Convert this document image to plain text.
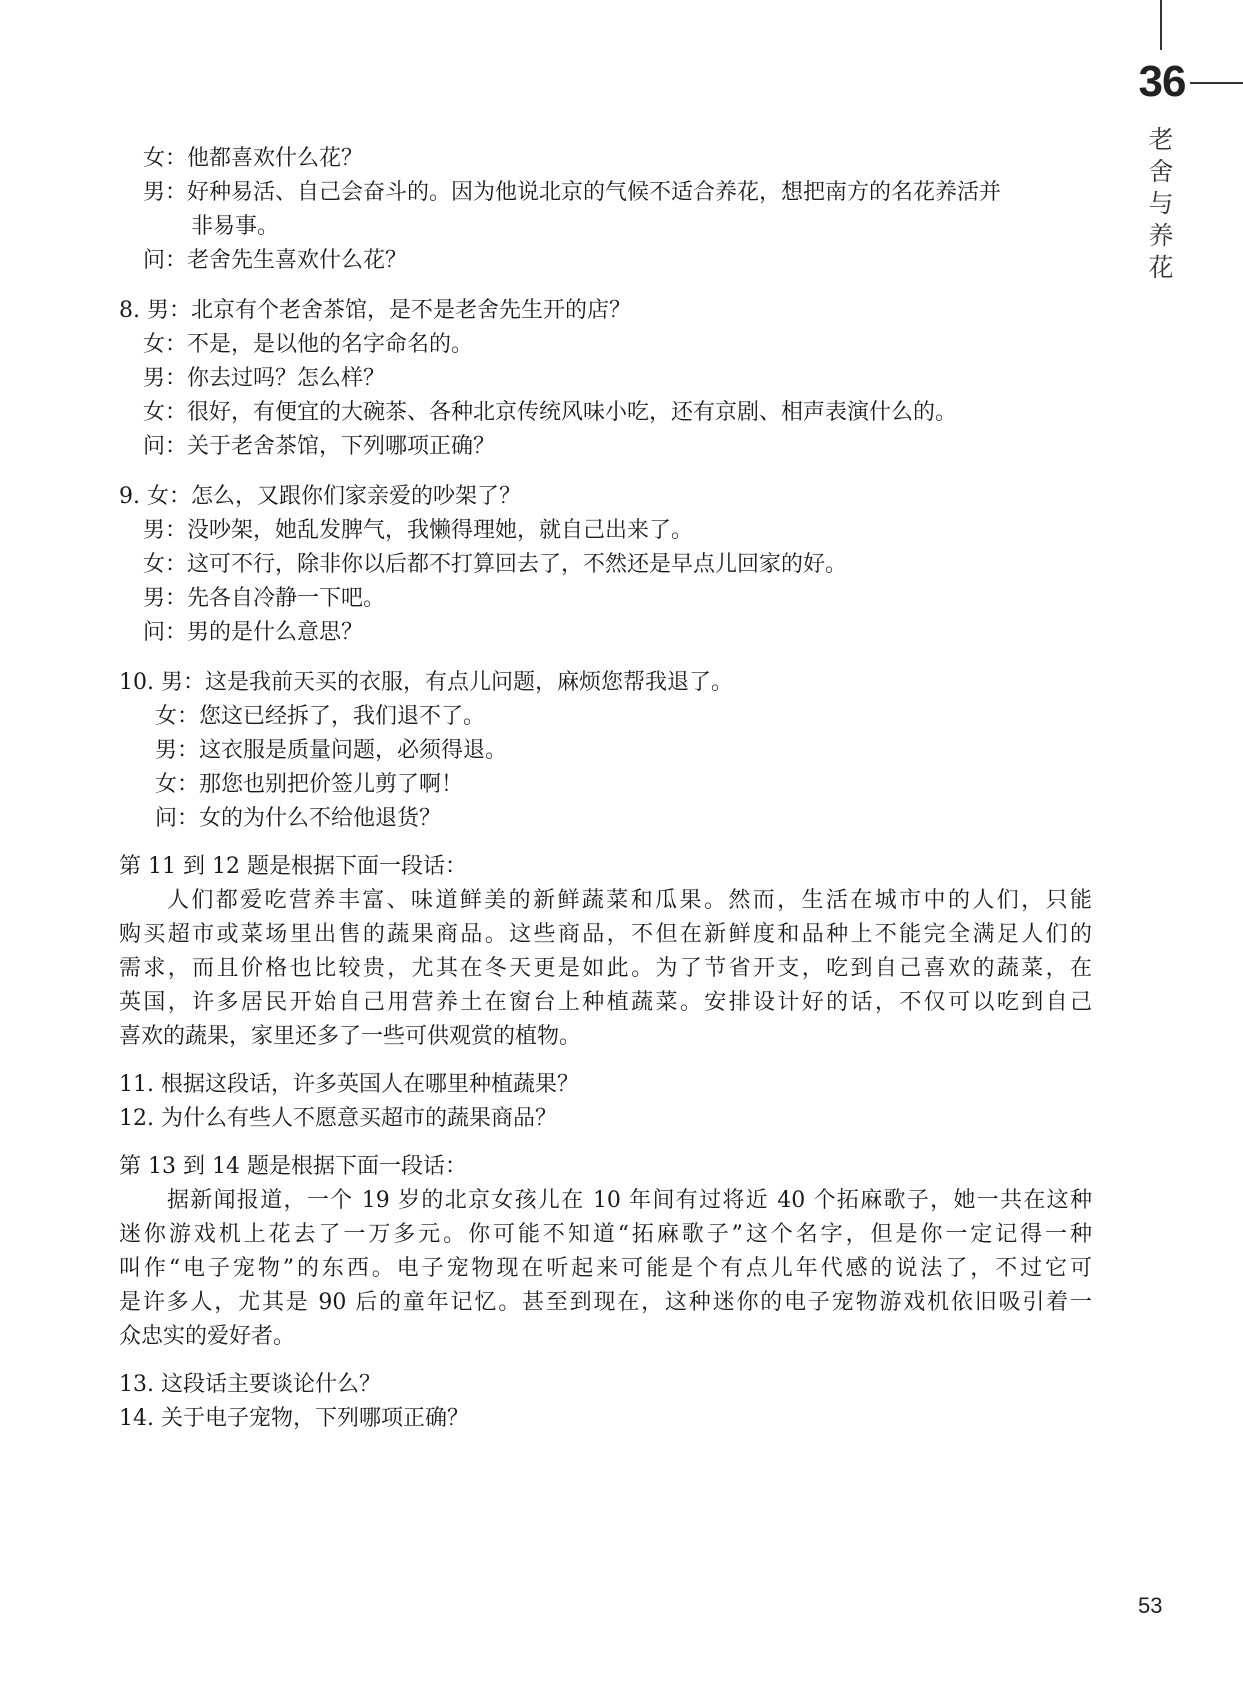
36
老舍与养花
女：他都喜欢什么花？
男：好种易活、自己会奋斗的。因为他说北京的气候不适合养花，想把南方的名花养活并
非易事。
问：老舍先生喜欢什么花？
8. 男：北京有个老舍茶馆，是不是老舍先生开的店？
女：不是，是以他的名字命名的。
男：你去过吗？怎么样？
女：很好，有便宜的大碗茶、各种北京传统风味小吃，还有京剧、相声表演什么的。
问：关于老舍茶馆，下列哪项正确？
9. 女：怎么，又跟你们家亲爱的吵架了？
男：没吵架，她乱发脾气，我懒得理她，就自己出来了。
女：这可不行，除非你以后都不打算回去了，不然还是早点儿回家的好。
男：先各自冷静一下吧。
问：男的是什么意思？
10. 男：这是我前天买的衣服，有点儿问题，麻烦您帮我退了。
女：您这已经拆了，我们退不了。
男：这衣服是质量问题，必须得退。
女：那您也别把价签儿剪了啊！
问：女的为什么不给他退货？
第 11 到 12 题是根据下面一段话：
人们都爱吃营养丰富、味道鲜美的新鲜蔬菜和瓜果。然而，生活在城市中的人们，只能
购买超市或菜场里出售的蔬果商品。这些商品，不但在新鲜度和品种上不能完全满足人们的
需求，而且价格也比较贵，尤其在冬天更是如此。为了节省开支，吃到自己喜欢的蔬菜，在
英国，许多居民开始自己用营养土在窗台上种植蔬菜。安排设计好的话，不仅可以吃到自己
喜欢的蔬果，家里还多了一些可供观赏的植物。
11. 根据这段话，许多英国人在哪里种植蔬果？
12. 为什么有些人不愿意买超市的蔬果商品？
第 13 到 14 题是根据下面一段话：
据新闻报道，一个 19 岁的北京女孩儿在 10 年间有过将近 40 个拓麻歌子，她一共在这种
迷你游戏机上花去了一万多元。你可能不知道“拓麻歌子”这个名字，但是你一定记得一种
叫作“电子宠物”的东西。电子宠物现在听起来可能是个有点儿年代感的说法了，不过它可
是许多人，尤其是 90 后的童年记忆。甚至到现在，这种迷你的电子宠物游戏机依旧吸引着一
众忠实的爱好者。
13. 这段话主要谈论什么？
14. 关于电子宠物，下列哪项正确？
53
